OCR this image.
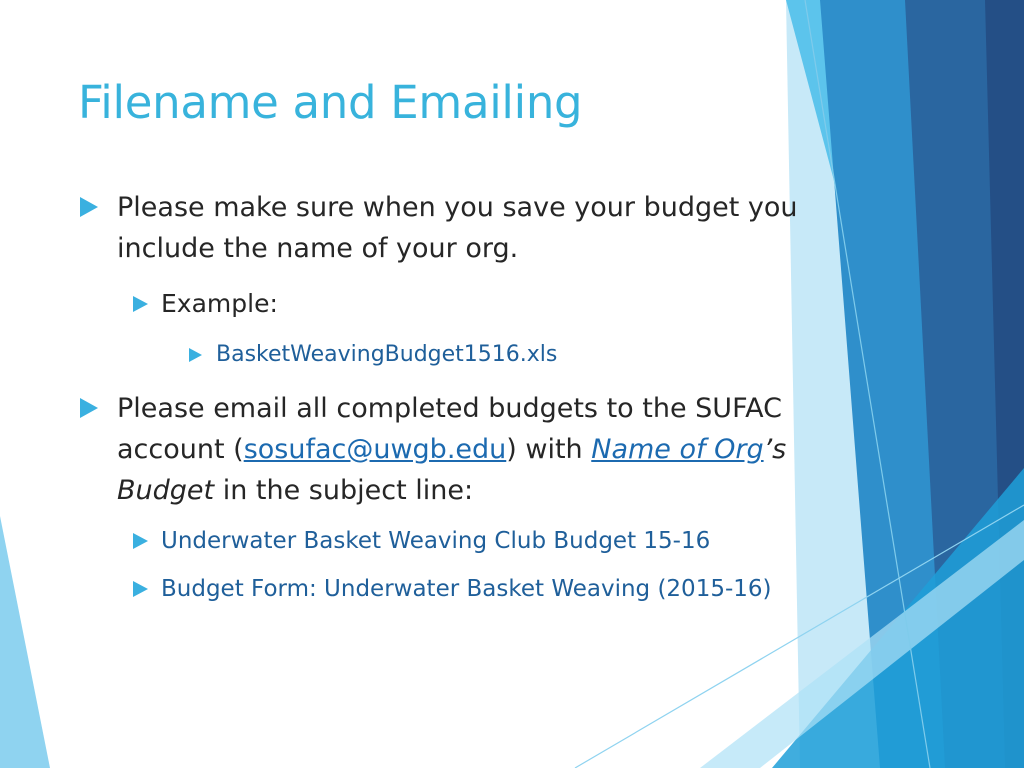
Filename and Emailing
Please make sure when you save your budget you include the name of your org.
Example:
BasketWeavingBudget1516.xls
Please email all completed budgets to the SUFAC account (sosufac@uwgb.edu) with Name of Org’s Budget in the subject line:
Underwater Basket Weaving Club Budget 15-16
Budget Form: Underwater Basket Weaving (2015-16)
